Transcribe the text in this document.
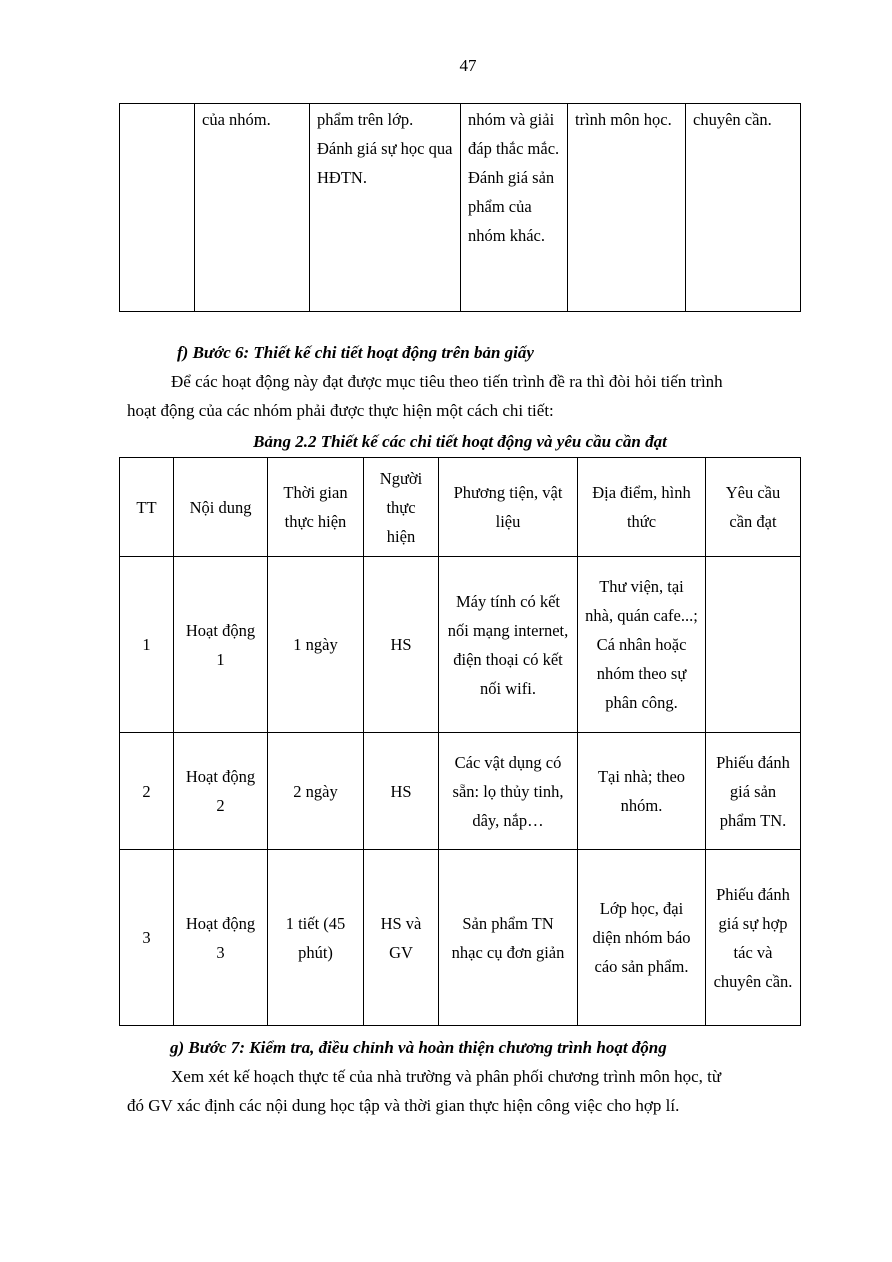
47
	của nhóm.	phẩm trên lớp. Đánh giá sự học qua HĐTN.	nhóm và giải đáp thắc mắc. Đánh giá sản phẩm của nhóm khác.	trình môn học.	chuyên cần.

f) Bước 6: Thiết kế chi tiết hoạt động trên bản giấy

Để các hoạt động này đạt được mục tiêu theo tiến trình đề ra thì đòi hỏi tiến trình

hoạt động của các nhóm phải được thực hiện một cách chi tiết:

Bảng 2.2 Thiết kế các chi tiết hoạt động và yêu cầu cần đạt
TT	Nội dung	Thời gian thực hiện	Người thực hiện	Phương tiện, vật liệu	Địa điểm, hình thức	Yêu cầu cần đạt
1	Hoạt động 1	1 ngày	HS	Máy tính có kết nối mạng internet, điện thoại có kết nối wifi.	Thư viện, tại nhà, quán cafe...; Cá nhân hoặc nhóm theo sự phân công.	
2	Hoạt động 2	2 ngày	HS	Các vật dụng có sẵn: lọ thủy tinh, dây, nắp…	Tại nhà; theo nhóm.	Phiếu đánh giá sản phẩm TN.
3	Hoạt động 3	1 tiết (45 phút)	HS và GV	Sản phẩm TN nhạc cụ đơn giản	Lớp học, đại diện nhóm báo cáo sản phẩm.	Phiếu đánh giá sự hợp tác và chuyên cần.

g) Bước 7: Kiểm tra, điều chỉnh và hoàn thiện chương trình hoạt động

Xem xét kế hoạch thực tế của nhà trường và phân phối chương trình môn học, từ

đó GV xác định các nội dung học tập và thời gian thực hiện công việc cho hợp lí.
